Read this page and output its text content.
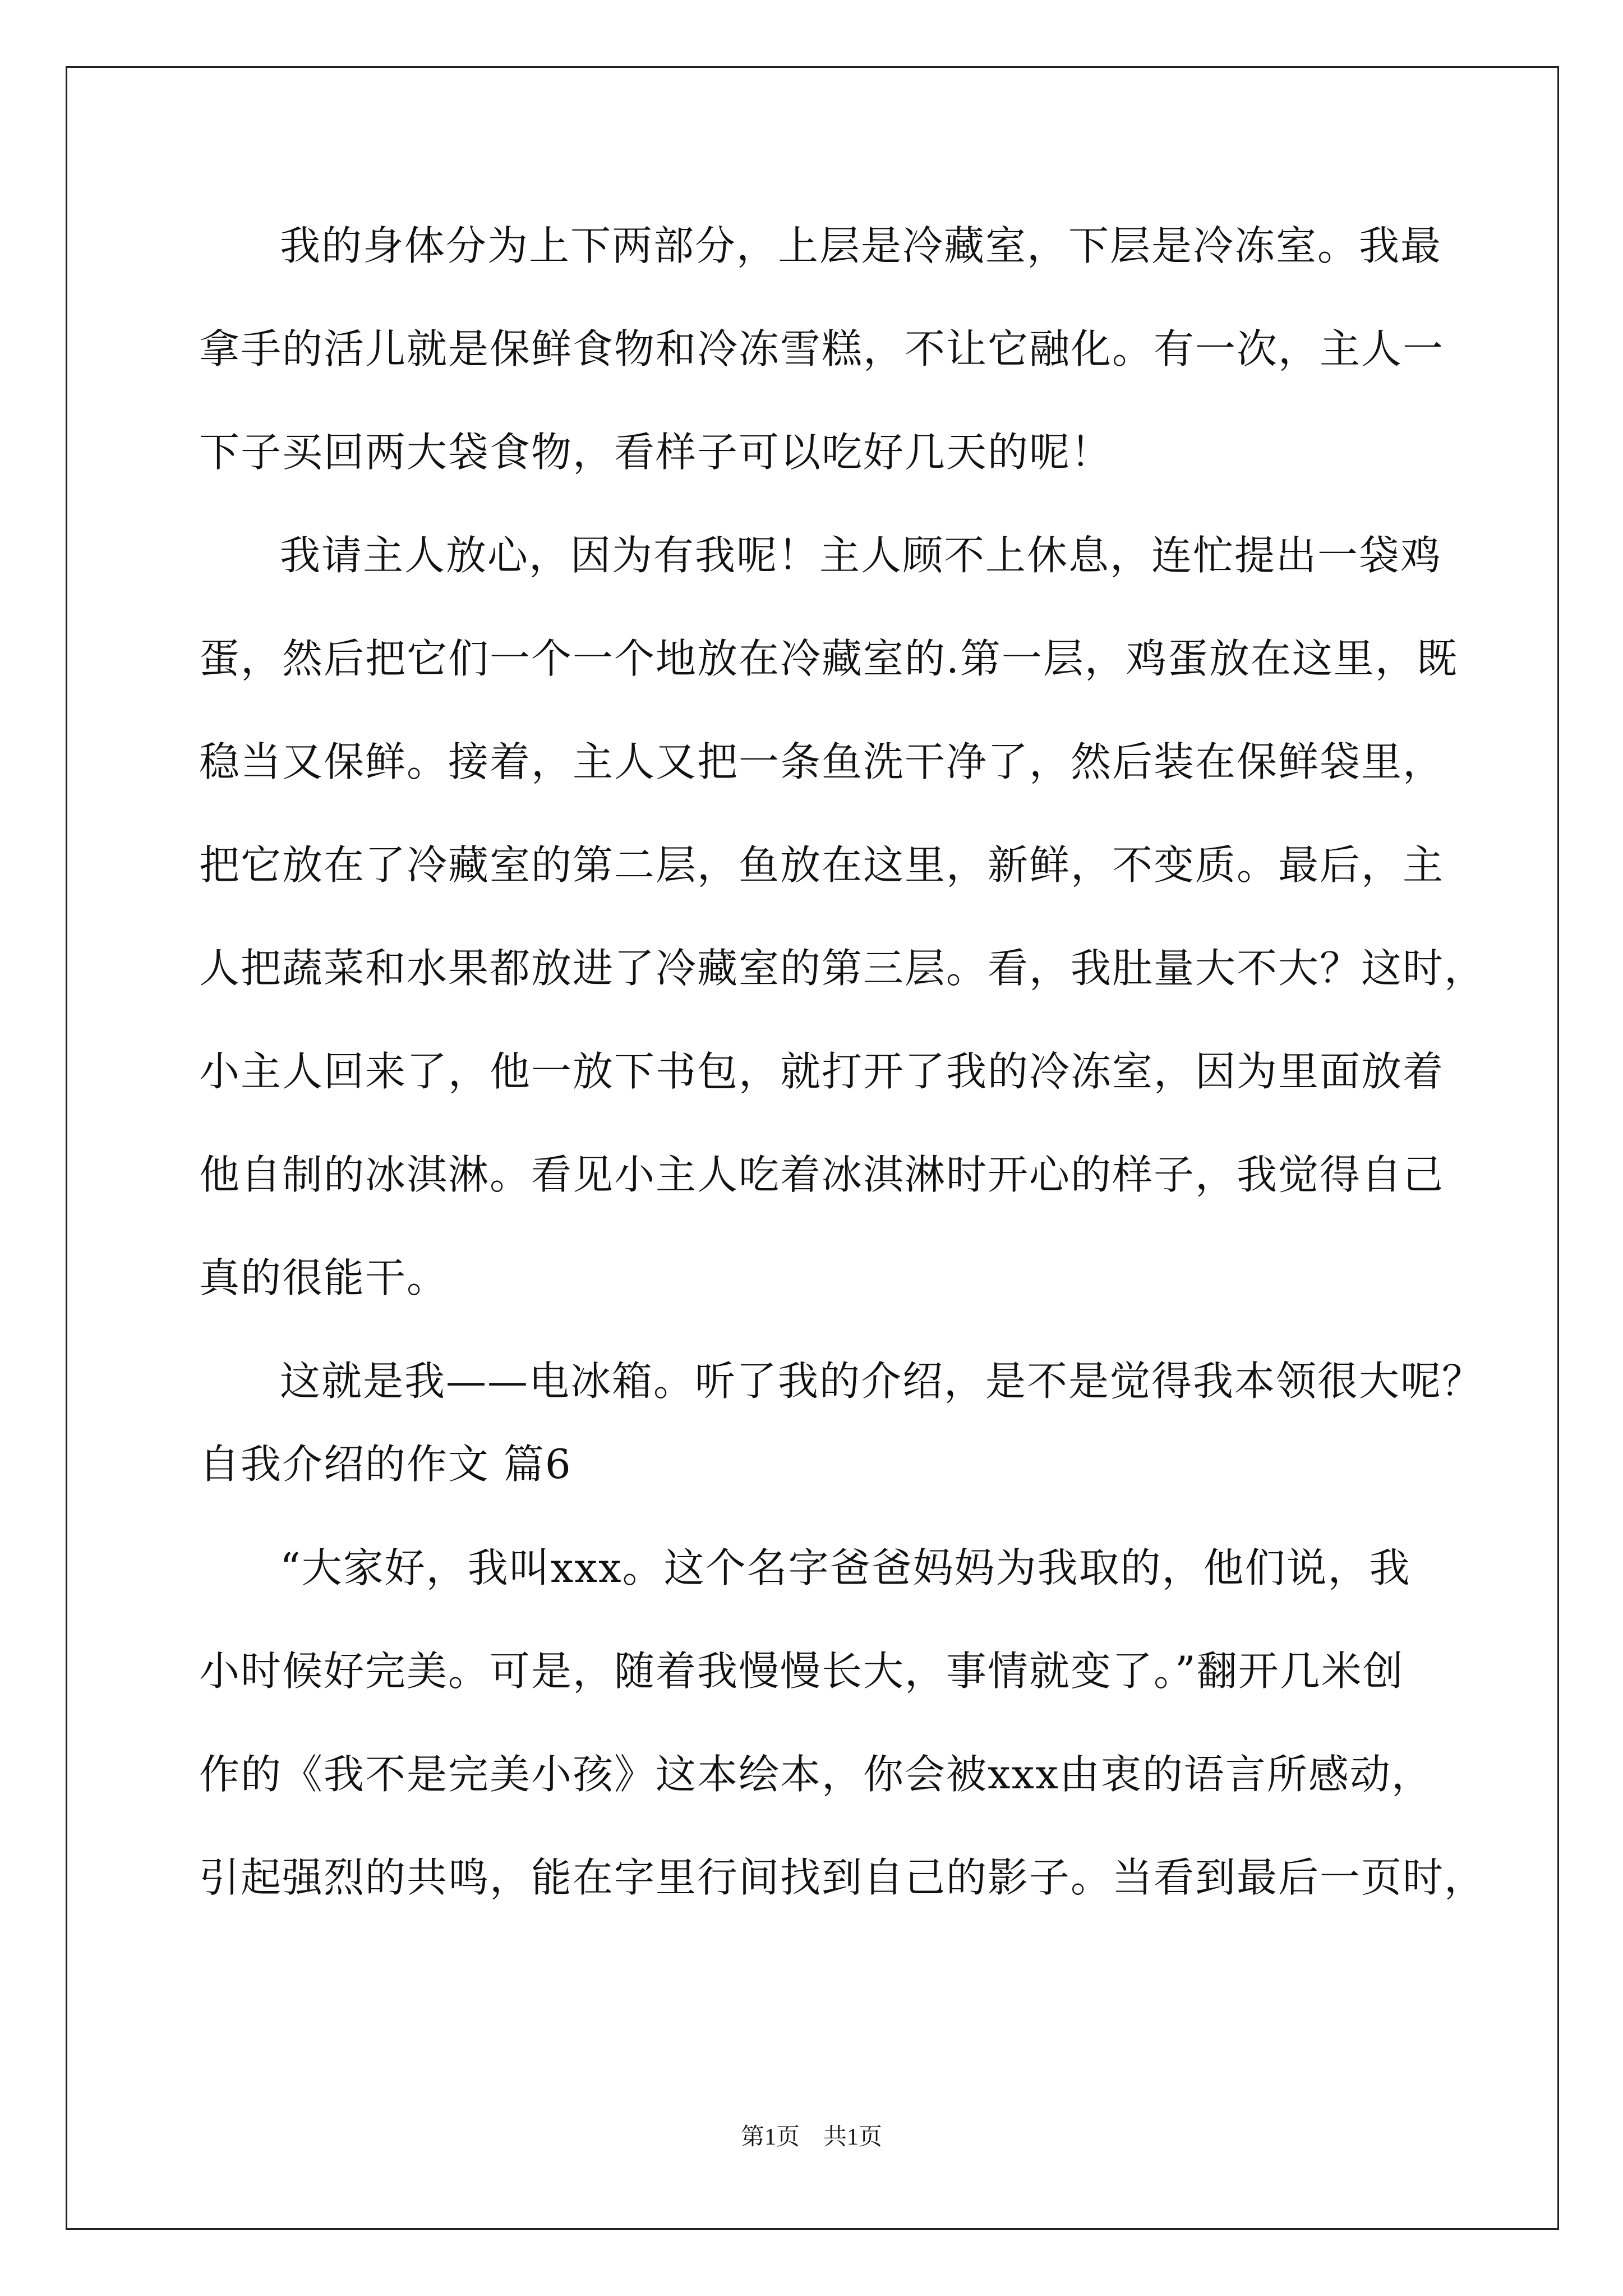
我的身体分为上下两部分，上层是冷藏室，下层是冷冻室。我最
拿手的活儿就是保鲜食物和冷冻雪糕，不让它融化。有一次，主人一
下子买回两大袋食物，看样子可以吃好几天的呢！
我请主人放心，因为有我呢！主人顾不上休息，连忙提出一袋鸡
蛋，然后把它们一个一个地放在冷藏室的.第一层，鸡蛋放在这里，既
稳当又保鲜。接着，主人又把一条鱼洗干净了，然后装在保鲜袋里，
把它放在了冷藏室的第二层，鱼放在这里，新鲜，不变质。最后，主
人把蔬菜和水果都放进了冷藏室的第三层。看，我肚量大不大？这时，
小主人回来了，他一放下书包，就打开了我的冷冻室，因为里面放着
他自制的冰淇淋。看见小主人吃着冰淇淋时开心的样子，我觉得自己
真的很能干。
这就是我——电冰箱。听了我的介绍，是不是觉得我本领很大呢？
自我介绍的作文 篇6
“大家好，我叫xxx。这个名字爸爸妈妈为我取的，他们说，我
小时候好完美。可是，随着我慢慢长大，事情就变了。”翻开几米创
作的《我不是完美小孩》这本绘本，你会被xxx由衷的语言所感动，
引起强烈的共鸣，能在字里行间找到自己的影子。当看到最后一页时，
第1页　共1页
